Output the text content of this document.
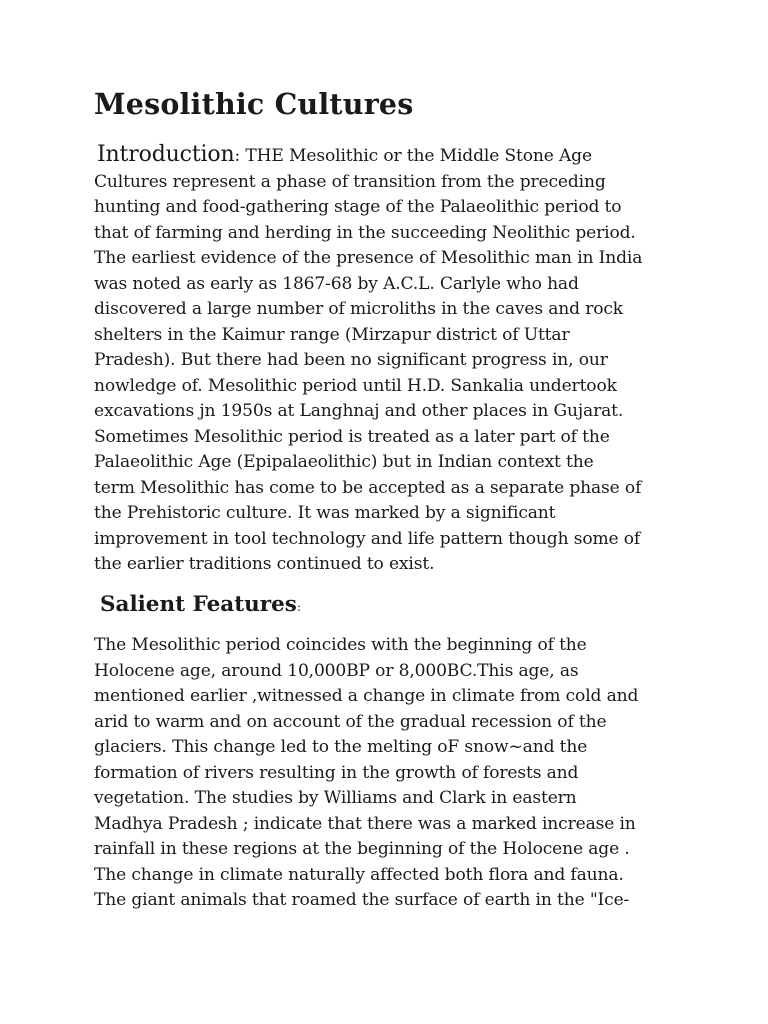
Mesolithic Cultures

Introduction: THE Mesolithic or the Middle Stone Age
Cultures represent a phase of transition from the preceding
hunting and food-gathering stage of the Palaeolithic period to
that of farming and herding in the succeeding Neolithic period.
The earliest evidence of the presence of Mesolithic man in India
was noted as early as 1867-68 by A.C.L. Carlyle who had
discovered a large number of microliths in the caves and rock
shelters in the Kaimur range (Mirzapur district of Uttar
Pradesh). But there had been no significant progress in, our
nowledge of. Mesolithic period until H.D. Sankalia undertook
excavations jn 1950s at Langhnaj and other places in Gujarat.
Sometimes Mesolithic period is treated as a later part of the
Palaeolithic Age (Epipalaeolithic) but in Indian context the
term Mesolithic has come to be accepted as a separate phase of
the Prehistoric culture. It was marked by a significant
improvement in tool technology and life pattern though some of
the earlier traditions continued to exist.

Salient Features:

The Mesolithic period coincides with the beginning of the
Holocene age, around 10,000BP or 8,000BC.This age, as
mentioned earlier ,witnessed a change in climate from cold and
arid to warm and on account of the gradual recession of the
glaciers. This change led to the melting oF snow~and the
formation of rivers resulting in the growth of forests and
vegetation. The studies by Williams and Clark in eastern
Madhya Pradesh ; indicate that there was a marked increase in
rainfall in these regions at the beginning of the Holocene age .
The change in climate naturally affected both flora and fauna.
The giant animals that roamed the surface of earth in the "Ice-
